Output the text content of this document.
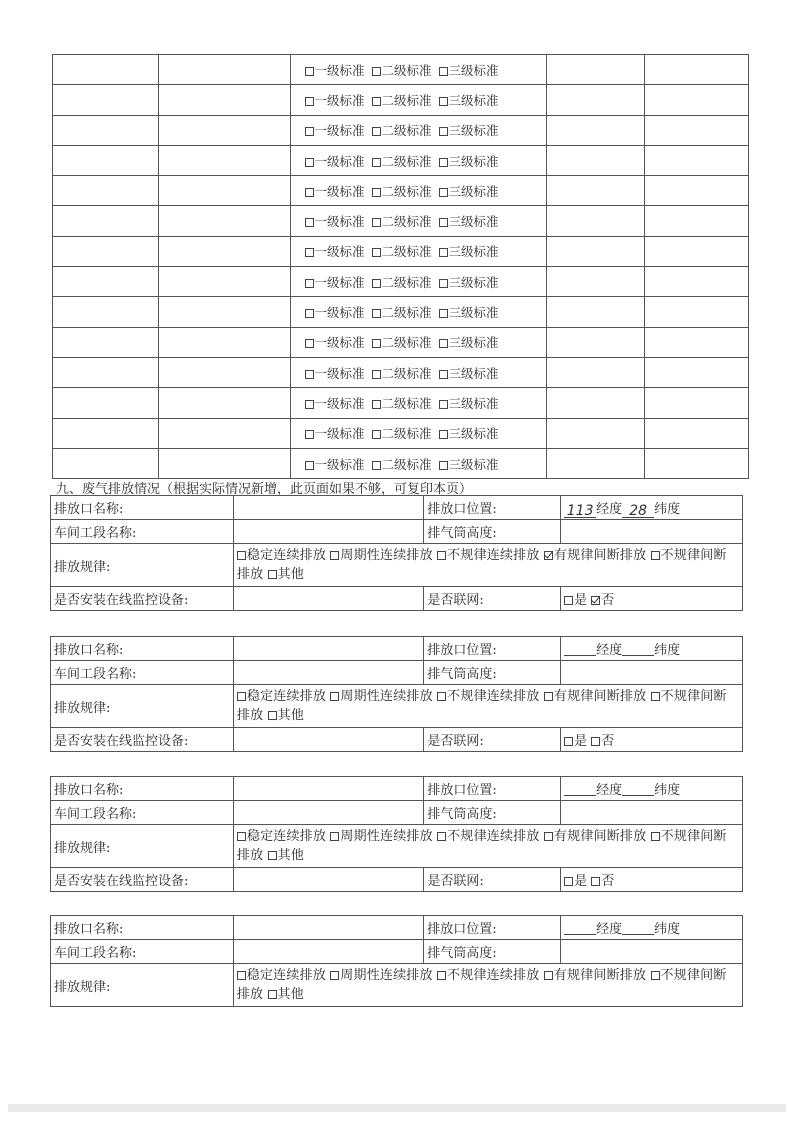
		一级标准 二级标准 三级标准		
		一级标准 二级标准 三级标准		
		一级标准 二级标准 三级标准		
		一级标准 二级标准 三级标准		
		一级标准 二级标准 三级标准		
		一级标准 二级标准 三级标准		
		一级标准 二级标准 三级标准		
		一级标准 二级标准 三级标准		
		一级标准 二级标准 三级标准		
		一级标准 二级标准 三级标准		
		一级标准 二级标准 三级标准		
		一级标准 二级标准 三级标准		
		一级标准 二级标准 三级标准		
		一级标准 二级标准 三级标准		
九、废气排放情况（根据实际情况新增，此页面如果不够，可复印本页）
排放口名称:		排放口位置:	113 经度 28 纬度
车间工段名称:		排气筒高度:	
排放规律:	稳定连续排放 周期性连续排放 不规律连续排放 有规律间断排放 不规律间断排放 其他		
是否安装在线监控设备:		是否联网:	是 否
排放口名称:		排放口位置:	经度 纬度
车间工段名称:		排气筒高度:	
排放规律:	稳定连续排放 周期性连续排放 不规律连续排放 有规律间断排放 不规律间断排放 其他		
是否安装在线监控设备:		是否联网:	是 否
排放口名称:		排放口位置:	经度 纬度
车间工段名称:		排气筒高度:	
排放规律:	稳定连续排放 周期性连续排放 不规律连续排放 有规律间断排放 不规律间断排放 其他		
是否安装在线监控设备:		是否联网:	是 否
排放口名称:		排放口位置:	经度 纬度
车间工段名称:		排气筒高度:	
排放规律:	稳定连续排放 周期性连续排放 不规律连续排放 有规律间断排放 不规律间断排放 其他		
